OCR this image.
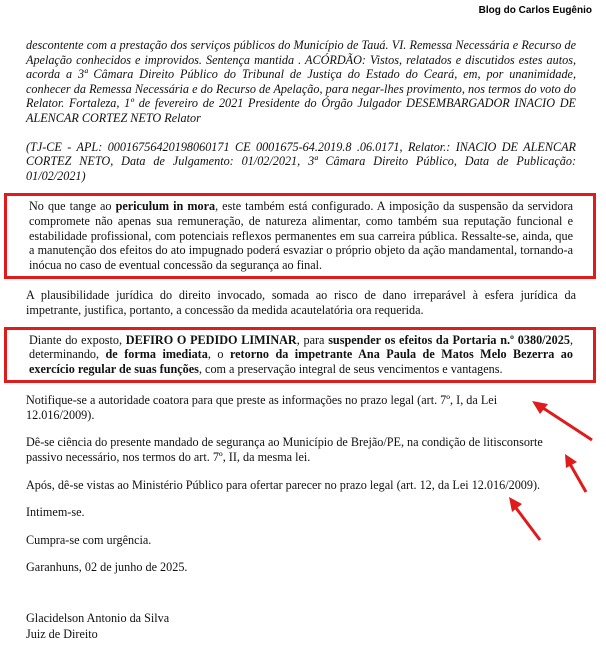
Blog do Carlos Eugênio

descontente com a prestação dos serviços públicos do Município de Tauá. VI. Remessa Necessária e Recurso de Apelação conhecidos e improvidos. Sentença mantida . ACÓRDÃO: Vistos, relatados e discutidos estes autos, acorda a 3ª Câmara Direito Público do Tribunal de Justiça do Estado do Ceará, em, por unanimidade, conhecer da Remessa Necessária e do Recurso de Apelação, para negar-lhes provimento, nos termos do voto do Relator. Fortaleza, 1º de fevereiro de 2021 Presidente do Órgão Julgador DESEMBARGADOR INACIO DE ALENCAR CORTEZ NETO Relator

(TJ-CE - APL: 00016756420198060171 CE 0001675-64.2019.8 .06.0171, Relator.: INACIO DE ALENCAR CORTEZ NETO, Data de Julgamento: 01/02/2021, 3ª Câmara Direito Público, Data de Publicação: 01/02/2021)

No que tange ao periculum in mora, este também está configurado. A imposição da suspensão da servidora compromete não apenas sua remuneração, de natureza alimentar, como também sua reputação funcional e estabilidade profissional, com potenciais reflexos permanentes em sua carreira pública. Ressalte-se, ainda, que a manutenção dos efeitos do ato impugnado poderá esvaziar o próprio objeto da ação mandamental, tornando-a inócua no caso de eventual concessão da segurança ao final.

A plausibilidade jurídica do direito invocado, somada ao risco de dano irreparável à esfera jurídica da impetrante, justifica, portanto, a concessão da medida acautelatória ora requerida.

Diante do exposto, DEFIRO O PEDIDO LIMINAR, para suspender os efeitos da Portaria n.º 0380/2025, determinando, de forma imediata, o retorno da impetrante Ana Paula de Matos Melo Bezerra ao exercício regular de suas funções, com a preservação integral de seus vencimentos e vantagens.

Notifique-se a autoridade coatora para que preste as informações no prazo legal (art. 7º, I, da Lei 12.016/2009).

Dê-se ciência do presente mandado de segurança ao Município de Brejão/PE, na condição de litisconsorte passivo necessário, nos termos do art. 7º, II, da mesma lei.

Após, dê-se vistas ao Ministério Público para ofertar parecer no prazo legal (art. 12, da Lei 12.016/2009).

Intimem-se.

Cumpra-se com urgência.

Garanhuns, 02 de junho de 2025.

Glacidelson Antonio da Silva

Juiz de Direito
